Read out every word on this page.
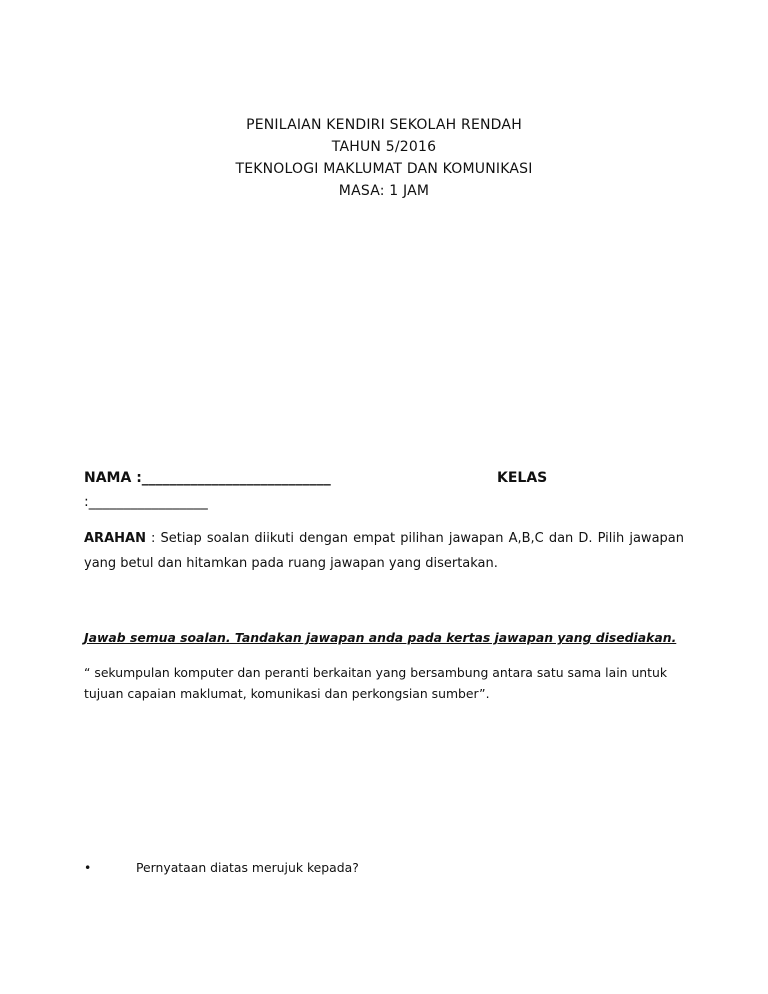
PENILAIAN KENDIRI SEKOLAH RENDAH
TAHUN 5/2016
TEKNOLOGI MAKLUMAT DAN KOMUNIKASI
MASA: 1 JAM
NAMA :___________________________	KELAS
:_________________
ARAHAN : Setiap soalan diikuti dengan empat pilihan jawapan A,B,C dan D. Pilih jawapan yang betul dan hitamkan pada ruang jawapan yang disertakan.
Jawab semua soalan. Tandakan jawapan anda pada kertas jawapan yang disediakan.
“ sekumpulan komputer dan peranti berkaitan yang bersambung antara satu sama lain untuk tujuan capaian maklumat, komunikasi dan perkongsian sumber”.
•	Pernyataan diatas merujuk kepada?
